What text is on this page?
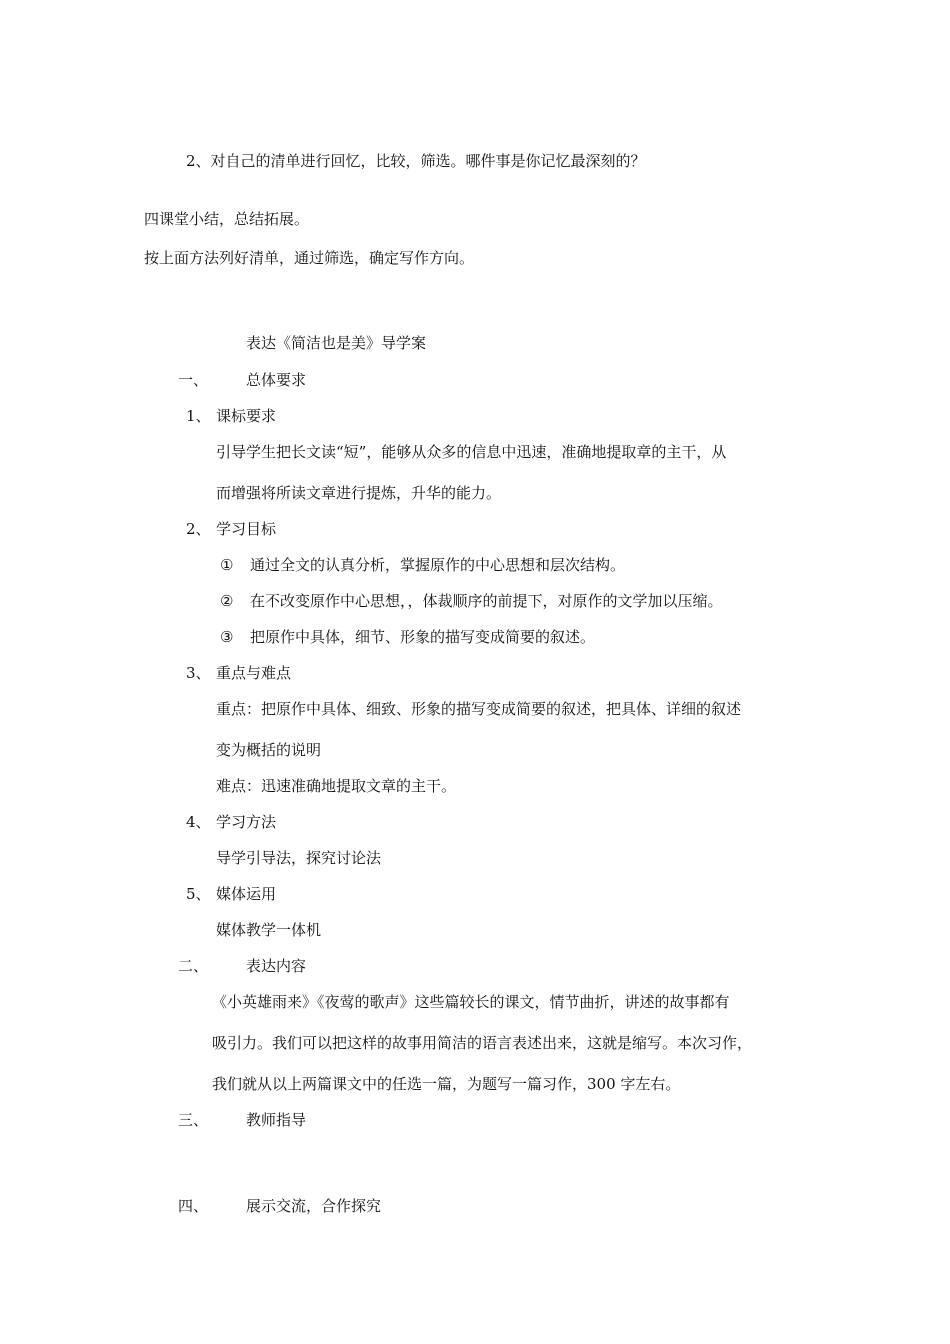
2、对自己的清单进行回忆，比较，筛选。哪件事是你记忆最深刻的？
四课堂小结，总结拓展。
按上面方法列好清单，通过筛选，确定写作方向。
表达《简洁也是美》导学案
一、	总体要求
1、 课标要求
引导学生把长文读“短”，能够从众多的信息中迅速，准确地提取章的主干，从
而增强将所读文章进行提炼，升华的能力。
2、 学习目标
① 通过全文的认真分析，掌握原作的中心思想和层次结构。
② 在不改变原作中心思想，，体裁顺序的前提下，对原作的文学加以压缩。
③ 把原作中具体，细节、形象的描写变成简要的叙述。
3、 重点与难点
重点：把原作中具体、细致、形象的描写变成简要的叙述，把具体、详细的叙述
变为概括的说明
难点：迅速准确地提取文章的主干。
4、 学习方法
导学引导法，探究讨论法
5、 媒体运用
媒体教学一体机
二、	表达内容
《小英雄雨来》《夜莺的歌声》这些篇较长的课文，情节曲折，讲述的故事都有
吸引力。我们可以把这样的故事用简洁的语言表述出来，这就是缩写。本次习作，
我们就从以上两篇课文中的任选一篇，为题写一篇习作，300 字左右。
三、	教师指导
四、	展示交流，合作探究
